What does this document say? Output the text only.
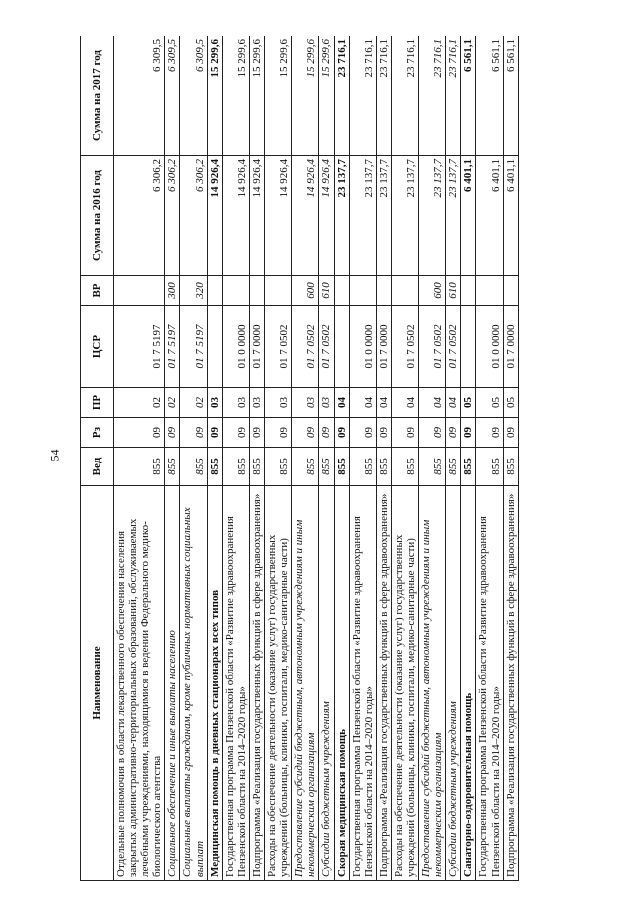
54
Наименование	Вед	Рз	ПР	ЦСР	ВР	Сумма на 2016 год	Сумма на 2017 год
Отдельные полномочия в области лекарственного обеспечения населения закрытых административно-территориальных образований, обслуживаемых лечебными учреждениями, находящимися в ведении Федерального медико-биологического агентства	855	09	02	01 7 5197		6 306,2	6 309,5
Социальное обеспечение и иные выплаты населению	855	09	02	01 7 5197	300	6 306,2	6 309,5
Социальные выплаты гражданам, кроме публичных нормативных социальных выплат	855	09	02	01 7 5197	320	6 306,2	6 309,5
Медицинская помощь в дневных стационарах всех типов	855	09	03			14 926,4	15 299,6
Государственная программа Пензенской области «Развитие здравоохранения Пензенской области на 2014–2020 годы»	855	09	03	01 0 0000		14 926,4	15 299,6
Подпрограмма «Реализация государственных функций в сфере здравоохранения»	855	09	03	01 7 0000		14 926,4	15 299,6
Расходы на обеспечение деятельности (оказание услуг) государственных учреждений (больницы, клиники, госпитали, медико-санитарные части)	855	09	03	01 7 0502		14 926,4	15 299,6
Предоставление субсидий бюджетным, автономным учреждениям и иным некоммерческим организациям	855	09	03	01 7 0502	600	14 926,4	15 299,6
Субсидии бюджетным учреждениям	855	09	03	01 7 0502	610	14 926,4	15 299,6
Скорая медицинская помощь	855	09	04			23 137,7	23 716,1
Государственная программа Пензенской области «Развитие здравоохранения Пензенской области на 2014–2020 годы»	855	09	04	01 0 0000		23 137,7	23 716,1
Подпрограмма «Реализация государственных функций в сфере здравоохранения»	855	09	04	01 7 0000		23 137,7	23 716,1
Расходы на обеспечение деятельности (оказание услуг) государственных учреждений (больницы, клиники, госпитали, медико-санитарные части)	855	09	04	01 7 0502		23 137,7	23 716,1
Предоставление субсидий бюджетным, автономным учреждениям и иным некоммерческим организациям	855	09	04	01 7 0502	600	23 137,7	23 716,1
Субсидии бюджетным учреждениям	855	09	04	01 7 0502	610	23 137,7	23 716,1
Санаторно-оздоровительная помощь	855	09	05			6 401,1	6 561,1
Государственная программа Пензенской области «Развитие здравоохранения Пензенской области на 2014–2020 годы»	855	09	05	01 0 0000		6 401,1	6 561,1
Подпрограмма «Реализация государственных функций в сфере здравоохранения»	855	09	05	01 7 0000		6 401,1	6 561,1
